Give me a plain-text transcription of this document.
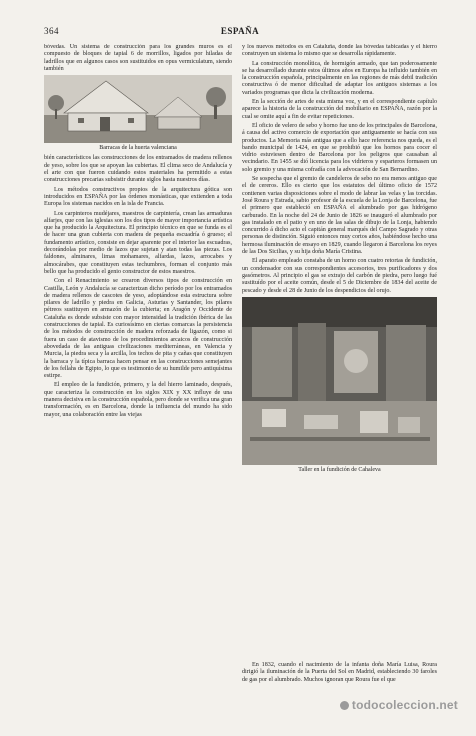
364	ESPAÑA

bóvedas. Un sistema de construcción para los grandes muros es el compuesto de bloques de tapial 6 de morrillos, ligados por hiladas de ladrillos que en algunos casos son sustituidos en opus vermiculatum, siendo también

Barracas de la huerta valenciana

bién característicos las construcciones de los entramados de madera rellenos de yeso, sobre los que se apoyan las cubiertas. El clima seco de Andalucía y el arte con que fueron cuidando estos materiales ha permitido a estas construcciones precarias subsistir durante siglos hasta nuestros días.

Los métodos constructivos propios de la arquitectura gótica son introducidos en ESPAÑA por las órdenes monásticas, que extienden a toda Europa los sistemas nacidos en la isla de Francia.

Los carpinteros mudéjares, maestros de carpintería, crean las armaduras alfarjes, que con las iglesias son los dos tipos de mayor importancia artística que ha producido la Arquitectura. El principio técnico en que se funda es el de hacer una gran cubierta con madera de pequeña escuadría ó grueso; el fundamento artístico, consiste en dejar aparente por el interior las escuadras, decorándolas por medio de lazos que sujetan y atan todas las piezas. Los faldones, alminares, limas mohamares, alfardas, lazos, arrocabes y almocárabes, que constituyen estas techumbres, forman el conjunto más bello que ha producido el genio constructor de estos maestros.

Con el Renacimiento se crearon diversos tipos de construcción en Castilla, León y Andalucía se caracterizan dicho período por los entramados de madera rellenos de cascotes de yeso, adoptándose esta estructura sobre pilares de ladrillo y piedra en Galicia, Asturias y Santander, los pilares pétreos sustituyen en armazón de la cubierta; en Aragón y Occidente de Cataluña es donde subsiste con mayor intensidad la tradición ibérica de las construcciones de tapial. Es curiosísimo en ciertas comarcas la persistencia de los métodos de construcción de madera reforzada de ligazón, como si fuera un caso de atavismo de los procedimientos arcaicos de construcción abovedada de las antiguas civilizaciones mediterráneas, en Valencia y Murcia, la piedra seca y la arcilla, los techos de pita y cañas que constituyen la barraca y la típica barraca hacen pensar en las construcciones semejantes de los fellahs de Egipto, lo que es testimonio de su humilde pero antiquísima estirpe.

El empleo de la fundición, primero, y la del hierro laminado, después, que caracteriza la construcción en los siglos XIX y XX influye de una manera decisiva en la construcción española, pero donde se verifica una gran transformación, es en Barcelona, donde la influencia del mundo ha sido mayor, una colaboración entre las viejas

y los nuevos métodos es en Cataluña, donde las bóvedas tabicadas y el hierro construyen un sistema lo mismo que se desarrolla rápidamente.

La construcción monolítica, de hormigón armado, que tan poderosamente se ha desarrollado durante estos últimos años en Europa ha influido también en la construcción española, principalmente en las regiones de más debil tradición constructiva ó de menor dificultad de adaptar los antiguos sistemas a los variados programas que dicta la civilización moderna.

En la sección de artes de esta misma voz, y en el correspondiente capítulo aparece la historia de la construcción del mobiliario en ESPAÑA, razón por la cual se omite aquí a fin de evitar repeticiones.

El oficio de velero de sebo y horno fue uno de los principales de Barcelona, á causa del activo comercio de exportación que antiguamente se hacía con sus productos. La Memoria más antigua que a ello hace referencia nos queda, es el bando municipal de 1424, en que se prohibió que los hornos para cocer el vidrio estuviesen dentro de Barcelona por los peligros que causaban al vecindario. En 1455 se dió licencia para los vidrieros y esparteros formasen un solo gremio y una misma cofradía con la advocación de San Bernardino.

Se sospecha que el gremio de candeleros de sebo no era menos antiguo que el de cereros. Ello es cierto que los estatutos del último oficio de 1572 contienen varias disposiciones sobre el modo de labrar las velas y las torcidas. José Roura y Estrada, sabio profesor de la escuela de la Lonja de Barcelona, fue el primero que estableció en ESPAÑA el alumbrado por gas hidrógeno carburado. En la noche del 24 de Junio de 1826 se inauguró el alumbrado por gas instalado en el patio y en uno de las salas de dibujo de la Lonja, habiendo concurrido á dicho acto el capitán general marqués del Campo Sagrado y otras personas de distinción. Siguió entonces muy cortos años, habiéndose hecho una hermosa iluminación de ensayo en 1829, cuando llegaron á Barcelona los reyes de las Dos Sicilias, y su hija doña María Cristina.

El aparato empleado constaba de un horno con cuatro retortas de fundición, un condensador con sus correspondientes accesorios, tres purificadores y dos gasómetros. Al principio el gas se extrajo del carbón de piedra, pero luego fué sustituído por el aceite común, desde el 5 de Diciembre de 1834 del aceite de pescado y desde el 28 de Junio de los despendicios del orujo.

Taller en la fundición de Cahaleva

En 1832, cuando el nacimiento de la infanta doña María Luisa, Roura dirigió la iluminación de la Puerta del Sol en Madrid, estableciendo 30 faroles de gas por el alumbrado. Muchos ignoran que Roura fue el que

todocoleccion.net
